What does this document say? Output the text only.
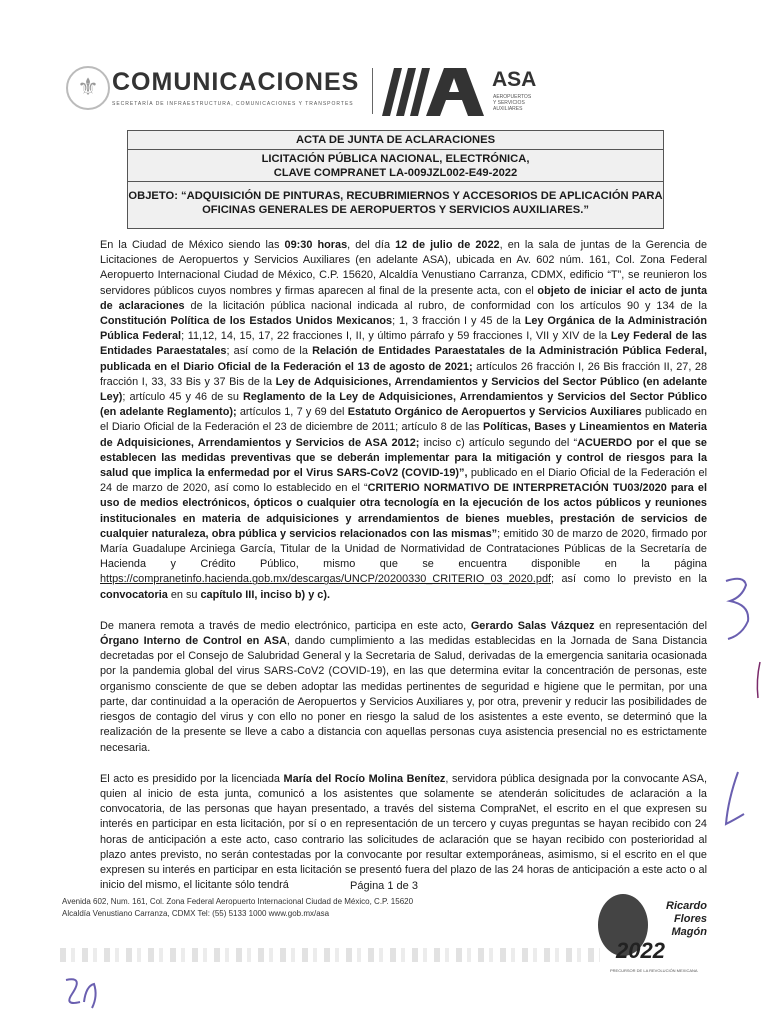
⚜ COMUNICACIONES
SECRETARÍA DE INFRAESTRUCTURA, COMUNICACIONES Y TRANSPORTES
ASA
AEROPUERTOS
Y SERVICIOS
AUXILIARES
ACTA DE JUNTA DE ACLARACIONES
LICITACIÓN PÚBLICA NACIONAL, ELECTRÓNICA,
CLAVE COMPRANET LA-009JZL002-E49-2022
OBJETO: “ADQUISICIÓN DE PINTURAS, RECUBRIMIERNOS Y ACCESORIOS DE APLICACIÓN PARA
OFICINAS GENERALES DE AEROPUERTOS Y SERVICIOS AUXILIARES.”

En la Ciudad de México siendo las 09:30 horas, del día 12 de julio de 2022, en la sala de juntas de la Gerencia de Licitaciones de Aeropuertos y Servicios Auxiliares (en adelante ASA), ubicada en Av. 602 núm. 161, Col. Zona Federal Aeropuerto Internacional Ciudad de México, C.P. 15620, Alcaldía Venustiano Carranza, CDMX, edificio “T”, se reunieron los servidores públicos cuyos nombres y firmas aparecen al final de la presente acta, con el objeto de iniciar el acto de junta de aclaraciones de la licitación pública nacional indicada al rubro, de conformidad con los artículos 90 y 134 de la Constitución Política de los Estados Unidos Mexicanos; 1, 3 fracción I y 45 de la Ley Orgánica de la Administración Pública Federal; 11,12, 14, 15, 17, 22 fracciones I, II, y último párrafo y 59 fracciones I, VII y XIV de la Ley Federal de las Entidades Paraestatales; así como de la Relación de Entidades Paraestatales de la Administración Pública Federal, publicada en el Diario Oficial de la Federación el 13 de agosto de 2021; artículos 26 fracción I, 26 Bis fracción II, 27, 28 fracción I, 33, 33 Bis y 37 Bis de la Ley de Adquisiciones, Arrendamientos y Servicios del Sector Público (en adelante Ley); artículo 45 y 46 de su Reglamento de la Ley de Adquisiciones, Arrendamientos y Servicios del Sector Público (en adelante Reglamento); artículos 1, 7 y 69 del Estatuto Orgánico de Aeropuertos y Servicios Auxiliares publicado en el Diario Oficial de la Federación el 23 de diciembre de 2011; artículo 8 de las Políticas, Bases y Lineamientos en Materia de Adquisiciones, Arrendamientos y Servicios de ASA 2012; inciso c) artículo segundo del “ACUERDO por el que se establecen las medidas preventivas que se deberán implementar para la mitigación y control de riesgos para la salud que implica la enfermedad por el Virus SARS-CoV2 (COVID-19)”, publicado en el Diario Oficial de la Federación el 24 de marzo de 2020, así como lo establecido en el “CRITERIO NORMATIVO DE INTERPRETACIÓN TU03/2020 para el uso de medios electrónicos, ópticos o cualquier otra tecnología en la ejecución de los actos públicos y reuniones institucionales en materia de adquisiciones y arrendamientos de bienes muebles, prestación de servicios de cualquier naturaleza, obra pública y servicios relacionados con las mismas”; emitido 30 de marzo de 2020, firmado por María Guadalupe Arciniega García, Titular de la Unidad de Normatividad de Contrataciones Públicas de la Secretaría de Hacienda y Crédito Público, mismo que se encuentra disponible en la página https://compranetinfo.hacienda.gob.mx/descargas/UNCP/20200330_CRITERIO_03_2020.pdf; así como lo previsto en la convocatoria en su capítulo III, inciso b) y c).

De manera remota a través de medio electrónico, participa en este acto, Gerardo Salas Vázquez en representación del Órgano Interno de Control en ASA, dando cumplimiento a las medidas establecidas en la Jornada de Sana Distancia decretadas por el Consejo de Salubridad General y la Secretaria de Salud, derivadas de la emergencia sanitaria ocasionada por la pandemia global del virus SARS-CoV2 (COVID-19), en las que determina evitar la concentración de personas, este organismo consciente de que se deben adoptar las medidas pertinentes de seguridad e higiene que le permitan, por una parte, dar continuidad a la operación de Aeropuertos y Servicios Auxiliares y, por otra, prevenir y reducir las posibilidades de riesgos de contagio del virus y con ello no poner en riesgo la salud de los asistentes a este evento, se determinó que la realización de la presente se lleve a cabo a distancia con aquellas personas cuya asistencia presencial no es estrictamente necesaria.

El acto es presidido por la licenciada María del Rocío Molina Benítez, servidora pública designada por la convocante ASA, quien al inicio de esta junta, comunicó a los asistentes que solamente se atenderán solicitudes de aclaración a la convocatoria, de las personas que hayan presentado, a través del sistema CompraNet, el escrito en el que expresen su interés en participar en esta licitación, por sí o en representación de un tercero y cuyas preguntas se hayan recibido con 24 horas de anticipación a este acto, caso contrario las solicitudes de aclaración que se hayan recibido con posterioridad al plazo antes previsto, no serán contestadas por la convocante por resultar extemporáneas, asimismo, si el escrito en el que expresen su interés en participar en esta licitación se presentó fuera del plazo de las 24 horas de anticipación a este acto o al inicio del mismo, el licitante sólo tendrá	Página 1 de 3
Avenida 602, Num. 161, Col. Zona Federal Aeropuerto Internacional Ciudad de México, C.P. 15620
Alcaldía Venustiano Carranza, CDMX Tel: (55) 5133 1000 www.gob.mx/asa
2022
Ricardo
Flores
Magón
PRECURSOR DE LA REVOLUCIÓN MEXICANA
